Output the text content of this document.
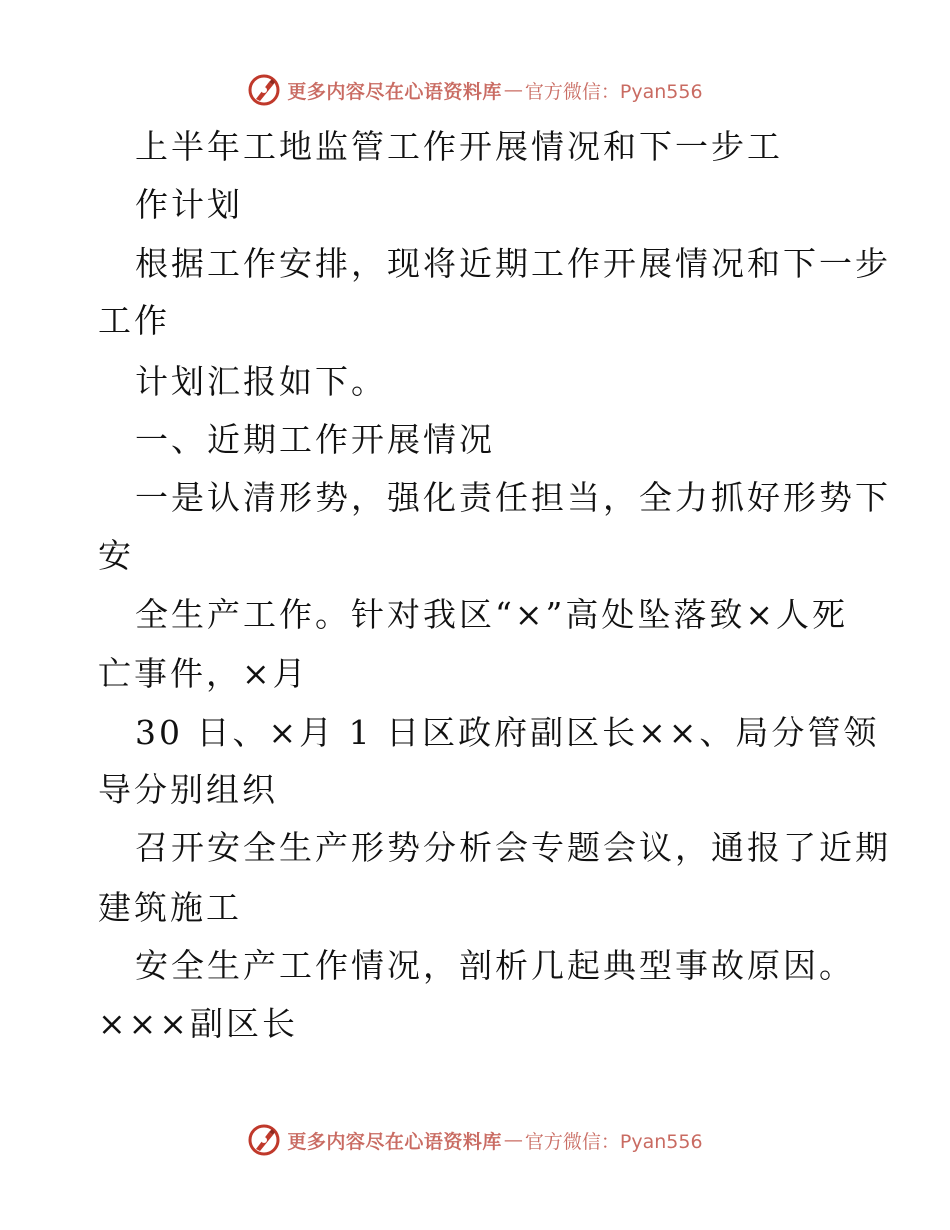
更多内容尽在心语资料库 — 官方微信：Pyan556
上半年工地监管工作开展情况和下一步工
作计划
根据工作安排，现将近期工作开展情况和下一步
工作
计划汇报如下。
一、近期工作开展情况
一是认清形势，强化责任担当，全力抓好形势下
安
全生产工作。针对我区“×”高处坠落致×人死
亡事件，×月
30 日、×月 1 日区政府副区长××、局分管领
导分别组织
召开安全生产形势分析会专题会议，通报了近期
建筑施工
安全生产工作情况，剖析几起典型事故原因。
×××副区长
更多内容尽在心语资料库 — 官方微信：Pyan556
